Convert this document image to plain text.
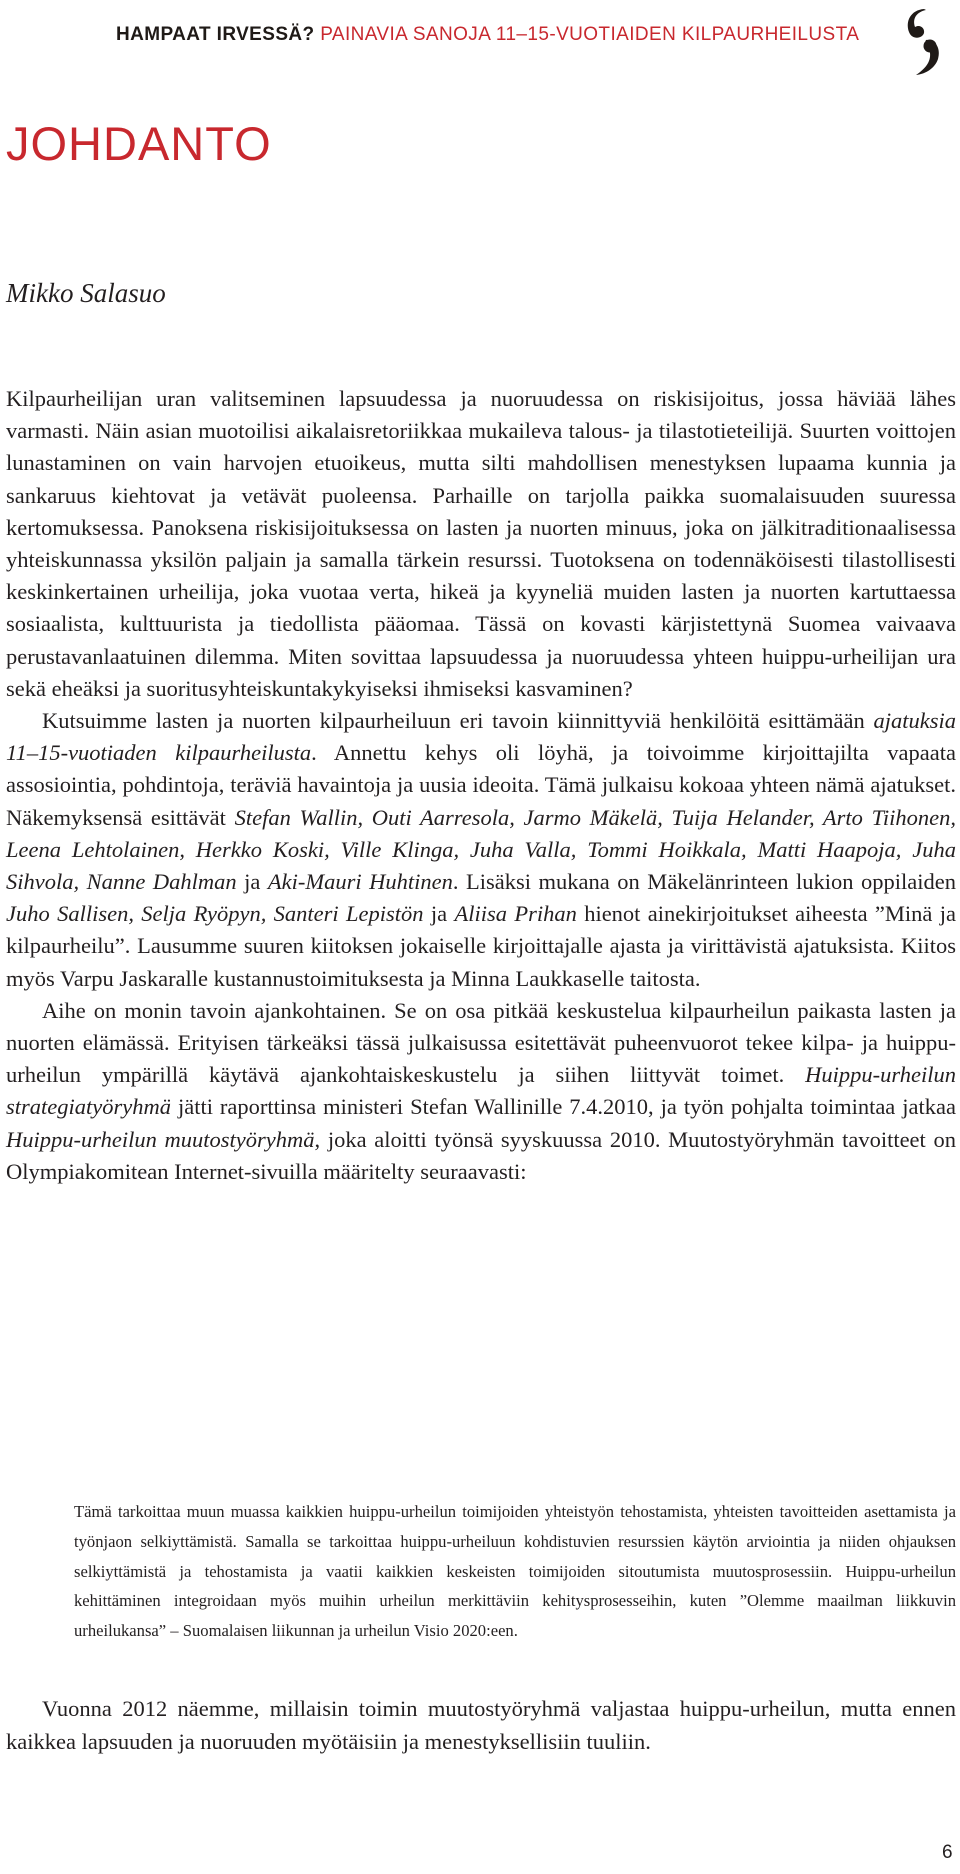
HAMPAAT IRVESSÄ? PAINAVIA SANOJA 11–15-VUOTIAIDEN KILPAURHEILUSTA
JOHDANTO
Mikko Salasuo

Kilpaurheilijan uran valitseminen lapsuudessa ja nuoruudessa on riskisijoitus, jossa häviää lähes varmasti. Näin asian muotoilisi aikalaisretoriikkaa mukaileva talous- ja tilastotieteilijä. Suurten voittojen lunastaminen on vain harvojen etuoikeus, mutta silti mahdollisen menestyksen lupaama kunnia ja sankaruus kiehtovat ja vetävät puoleensa. Parhaille on tarjolla paikka suomalaisuuden suuressa kertomuksessa. Panoksena riskisijoituksessa on lasten ja nuorten minuus, joka on jälkitraditionaalisessa yhteiskunnassa yksilön paljain ja samalla tärkein resurssi. Tuotoksena on todennäköisesti tilastollisesti keskinkertainen urheilija, joka vuotaa verta, hikeä ja kyyneliä muiden lasten ja nuorten kartuttaessa sosiaalista, kulttuurista ja tiedollista pääomaa. Tässä on kovasti kärjistettynä Suomea vaivaava perustavanlaatuinen dilemma. Miten sovittaa lapsuudessa ja nuoruudessa yhteen huippu-urheilijan ura sekä eheäksi ja suoritusyhteiskuntakykyiseksi ihmiseksi kasvaminen?

Kutsuimme lasten ja nuorten kilpaurheiluun eri tavoin kiinnittyviä henkilöitä esittämään ajatuksia 11–15-vuotiaden kilpaurheilusta. Annettu kehys oli löyhä, ja toivoimme kirjoittajilta vapaata assosiointia, pohdintoja, teräviä havaintoja ja uusia ideoita. Tämä julkaisu kokoaa yhteen nämä ajatukset. Näkemyksensä esittävät Stefan Wallin, Outi Aarresola, Jarmo Mäkelä, Tuija Helander, Arto Tiihonen, Leena Lehtolainen, Herkko Koski, Ville Klinga, Juha Valla, Tommi Hoikkala, Matti Haapoja, Juha Sihvola, Nanne Dahlman ja Aki-Mauri Huhtinen. Lisäksi mukana on Mäkelänrinteen lukion oppilaiden Juho Sallisen, Selja Ryöpyn, Santeri Lepistön ja Aliisa Prihan hienot ainekirjoitukset aiheesta ”Minä ja kilpaurheilu”. Lausumme suuren kiitoksen jokaiselle kirjoittajalle ajasta ja virittävistä ajatuksista. Kiitos myös Varpu Jaskaralle kustannustoimituksesta ja Minna Laukkaselle taitosta.

Aihe on monin tavoin ajankohtainen. Se on osa pitkää keskustelua kilpaurheilun paikasta lasten ja nuorten elämässä. Erityisen tärkeäksi tässä julkaisussa esitettävät puheenvuorot tekee kilpa- ja huippu-urheilun ympärillä käytävä ajankohtaiskeskustelu ja siihen liittyvät toimet. Huippu-urheilun strategiatyöryhmä jätti raporttinsa ministeri Stefan Wallinille 7.4.2010, ja työn pohjalta toimintaa jatkaa Huippu-urheilun muutostyöryhmä, joka aloitti työnsä syyskuussa 2010. Muutostyöryhmän tavoitteet on Olympiakomitean Internet-sivuilla määritelty seuraavasti:

Tämä tarkoittaa muun muassa kaikkien huippu-urheilun toimijoiden yhteistyön tehostamista, yhteisten tavoitteiden asettamista ja työnjaon selkiyttämistä. Samalla se tarkoittaa huippu-urheiluun kohdistuvien resurssien käytön arviointia ja niiden ohjauksen selkiyttämistä ja tehostamista ja vaatii kaikkien keskeisten toimijoiden sitoutumista muutosprosessiin. Huippu-urheilun kehittäminen integroidaan myös muihin urheilun merkittäviin kehitysprosesseihin, kuten ”Olemme maailman liikkuvin urheilukansa” – Suomalaisen liikunnan ja urheilun Visio 2020:een.

Vuonna 2012 näemme, millaisin toimin muutostyöryhmä valjastaa huippu-urheilun, mutta ennen kaikkea lapsuuden ja nuoruuden myötäisiin ja menestyksellisiin tuuliin.

6
